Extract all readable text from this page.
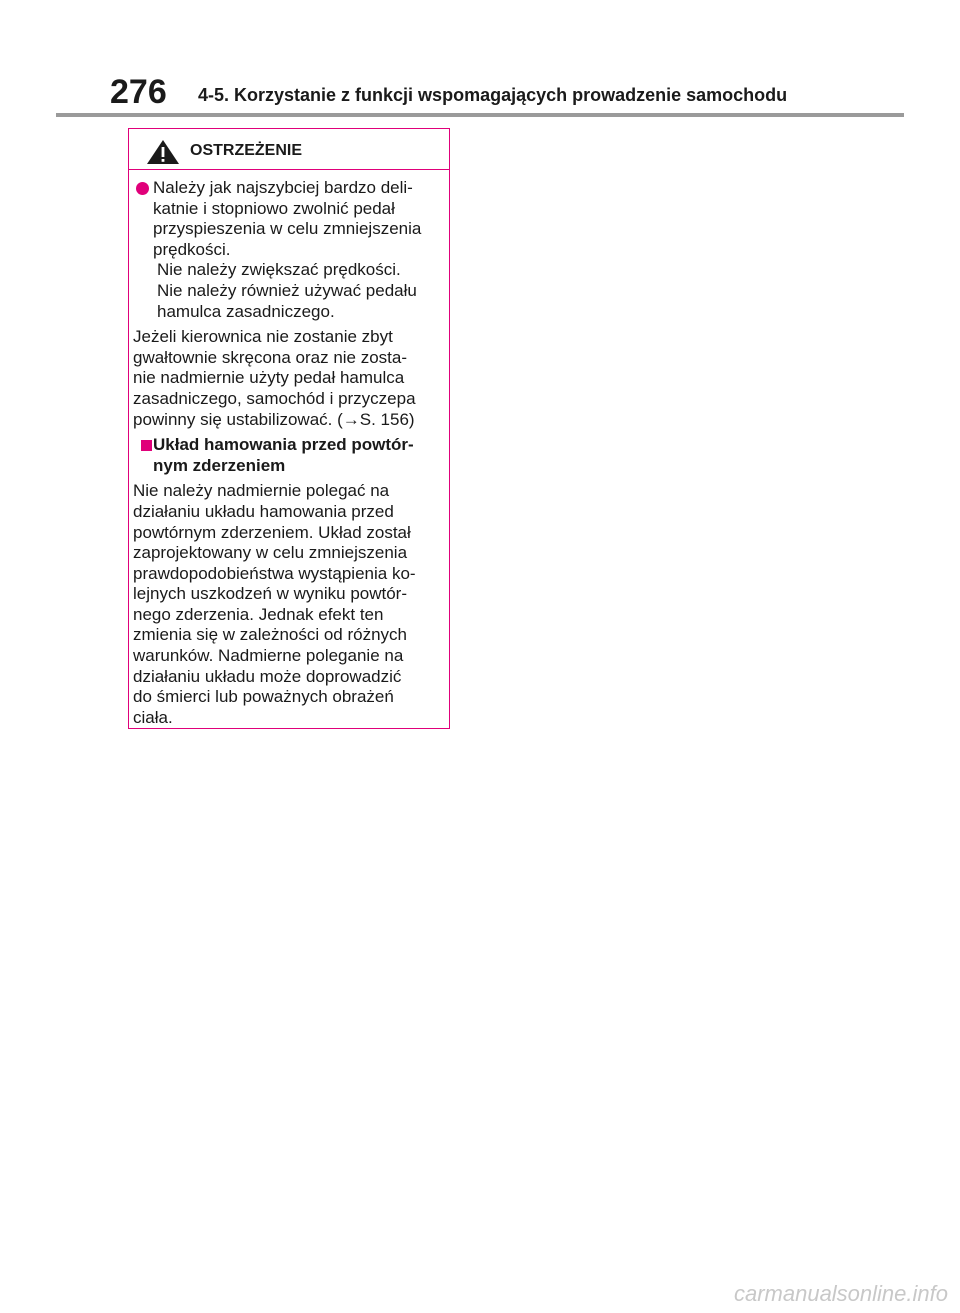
276 4-5. Korzystanie z funkcji wspomagających prowadzenie samochodu
OSTRZEŻENIE

Należy jak najszybciej bardzo deli-
katnie i stopniowo zwolnić pedał
przyspieszenia w celu zmniejszenia
prędkości.

Nie należy zwiększać prędkości.
Nie należy również używać pedału
hamulca zasadniczego.

Jeżeli kierownica nie zostanie zbyt
gwałtownie skręcona oraz nie zosta-
nie nadmiernie użyty pedał hamulca
zasadniczego, samochód i przyczepa
powinny się ustabilizować. (→S. 156)

Układ hamowania przed powtór-
nym zderzeniem

Nie należy nadmiernie polegać na
działaniu układu hamowania przed
powtórnym zderzeniem. Układ został
zaprojektowany w celu zmniejszenia
prawdopodobieństwa wystąpienia ko-
lejnych uszkodzeń w wyniku powtór-
nego zderzenia. Jednak efekt ten
zmienia się w zależności od różnych
warunków. Nadmierne poleganie na
działaniu układu może doprowadzić
do śmierci lub poważnych obrażeń
ciała.

carmanualsonline.info
